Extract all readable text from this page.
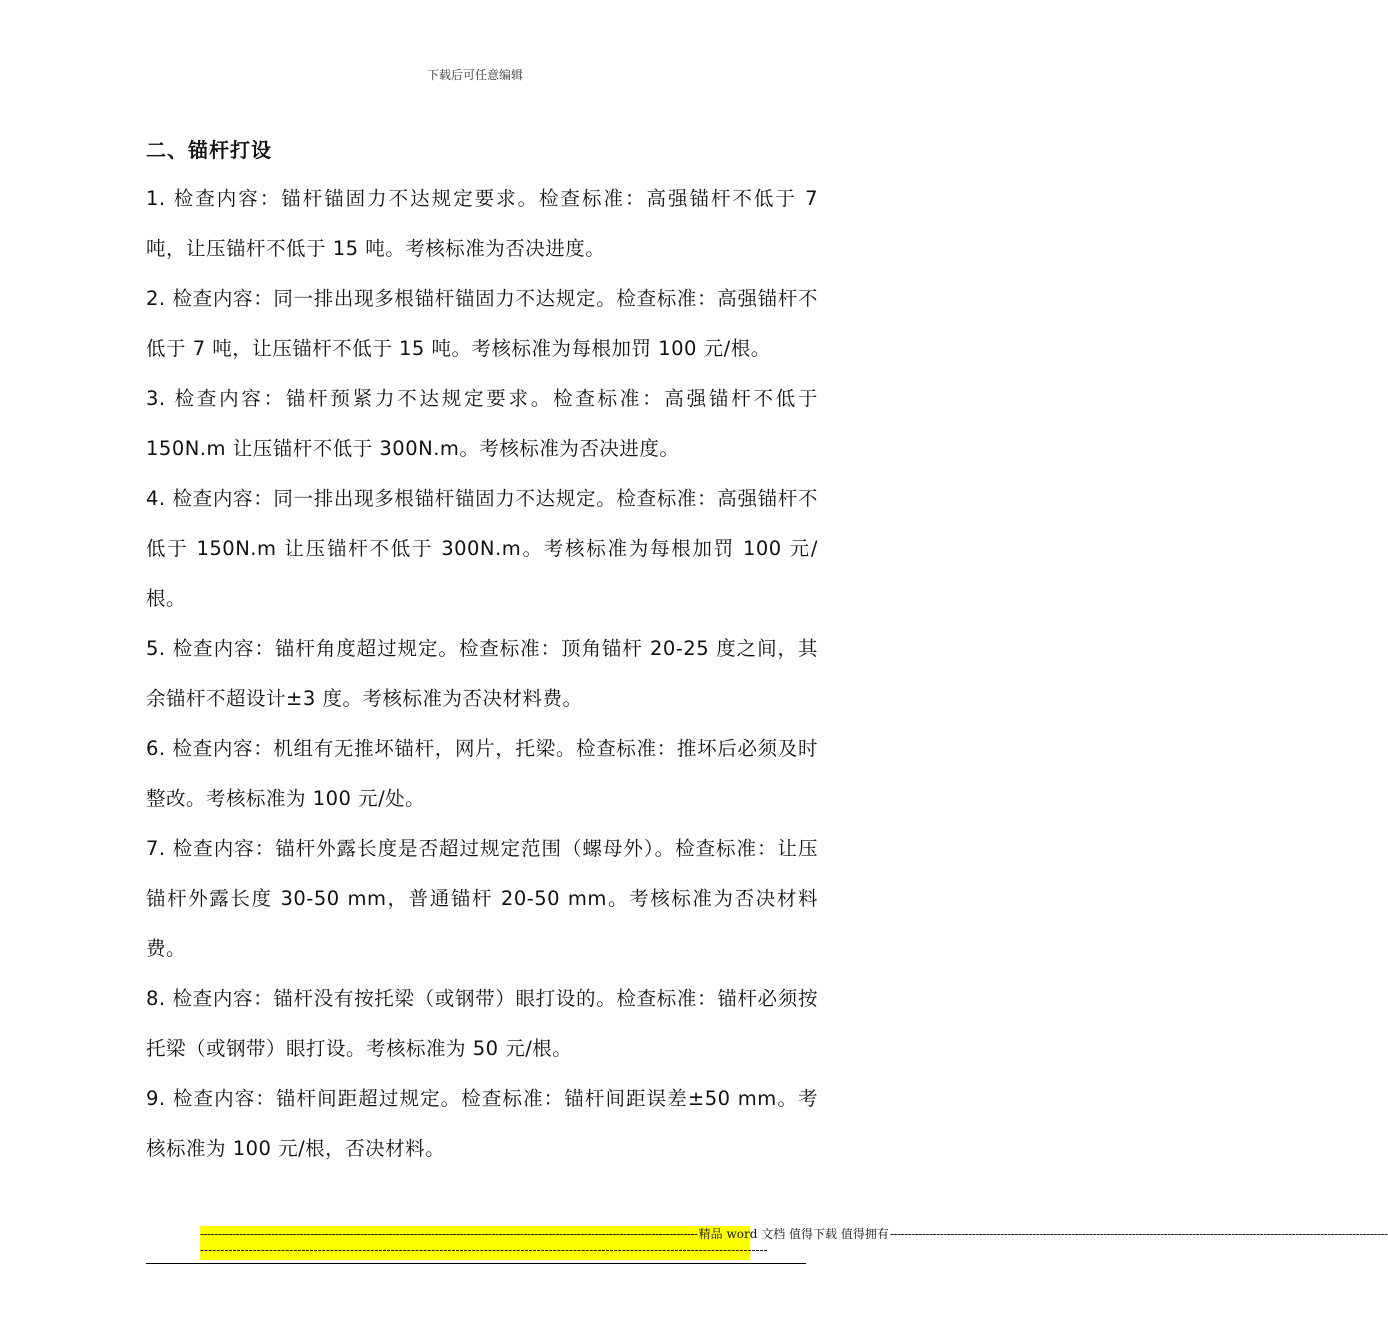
下载后可任意编辑
二、锚杆打设

1. 检查内容：锚杆锚固力不达规定要求。检查标准：高强锚杆不低于 7 吨，让压锚杆不低于 15 吨。考核标准为否决进度。

2. 检查内容：同一排出现多根锚杆锚固力不达规定。检查标准：高强锚杆不低于 7 吨，让压锚杆不低于 15 吨。考核标准为每根加罚 100 元/根。

3. 检查内容：锚杆预紧力不达规定要求。检查标准：高强锚杆不低于 150N.m 让压锚杆不低于 300N.m。考核标准为否决进度。

4. 检查内容：同一排出现多根锚杆锚固力不达规定。检查标准：高强锚杆不低于 150N.m 让压锚杆不低于 300N.m。考核标准为每根加罚 100 元/根。

5. 检查内容：锚杆角度超过规定。检查标准：顶角锚杆 20-25 度之间，其余锚杆不超设计±3 度。考核标准为否决材料费。

6. 检查内容：机组有无推坏锚杆，网片，托梁。检查标准：推坏后必须及时整改。考核标准为 100 元/处。

7. 检查内容：锚杆外露长度是否超过规定范围（螺母外）。检查标准：让压锚杆外露长度 30-50 mm，普通锚杆 20-50 mm。考核标准为否决材料费。

8. 检查内容：锚杆没有按托梁（或钢带）眼打设的。检查标准：锚杆必须按托梁（或钢带）眼打设。考核标准为 50 元/根。

9. 检查内容：锚杆间距超过规定。检查标准：锚杆间距误差±50 mm。考核标准为 100 元/根，否决材料。

-------------------------------------------------------------------------------------------------------------------------------------------- 精品 word 文档 值得下载 值得拥有 --------------------------------------------------------------------------------------------------------------------------------------------
--------------------------------------------------------------------------------------------------------------------------------------------
